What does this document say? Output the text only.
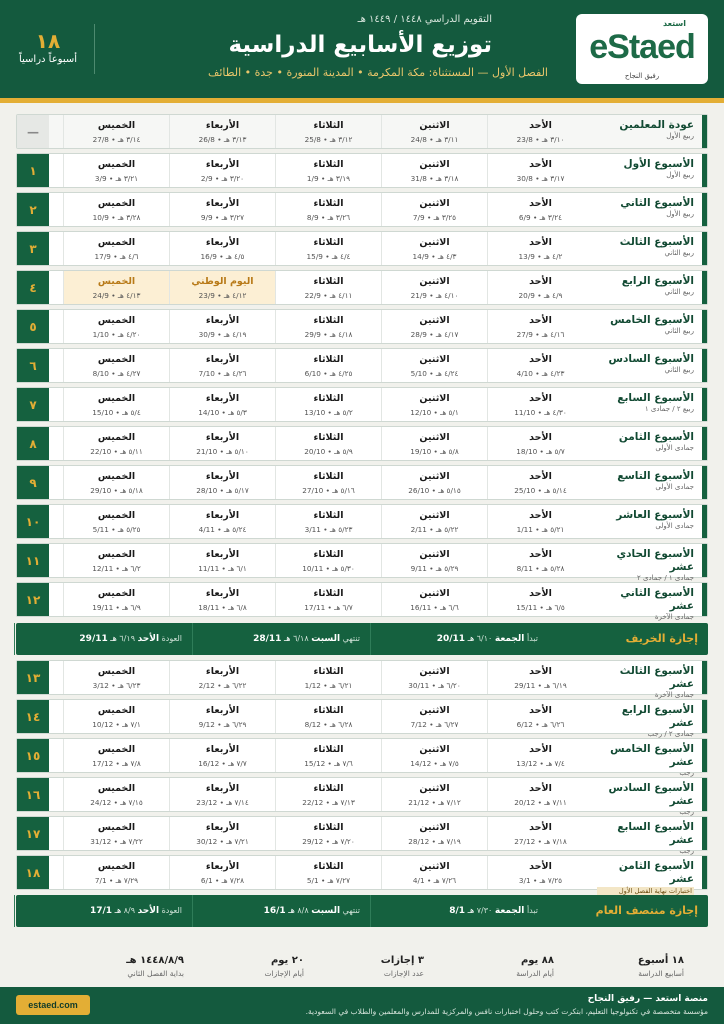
استعد
eStaed
رفيق النجاح
التقويم الدراسي ١٤٤٨ / ١٤٤٩ هـ
توزيع الأسابيع الدراسية
الفصل الأول — المستثناة: مكة المكرمة • المدينة المنورة • جدة • الطائف
١٨
أسبوعاً دراسياً
عودة المعلمين
ربيع الأول
الأحد
٣/١٠ هـ • 23/8
الاثنين
٣/١١ هـ • 24/8
الثلاثاء
٣/١٢ هـ • 25/8
الأربعاء
٣/١٣ هـ • 26/8
الخميس
٣/١٤ هـ • 27/8
—
الأسبوع الأول
ربيع الأول
الأحد
٣/١٧ هـ • 30/8
الاثنين
٣/١٨ هـ • 31/8
الثلاثاء
٣/١٩ هـ • 1/9
الأربعاء
٣/٢٠ هـ • 2/9
الخميس
٣/٢١ هـ • 3/9
١
الأسبوع الثاني
ربيع الأول
الأحد
٣/٢٤ هـ • 6/9
الاثنين
٣/٢٥ هـ • 7/9
الثلاثاء
٣/٢٦ هـ • 8/9
الأربعاء
٣/٢٧ هـ • 9/9
الخميس
٣/٢٨ هـ • 10/9
٢
الأسبوع الثالث
ربيع الثاني
الأحد
٤/٢ هـ • 13/9
الاثنين
٤/٣ هـ • 14/9
الثلاثاء
٤/٤ هـ • 15/9
الأربعاء
٤/٥ هـ • 16/9
الخميس
٤/٦ هـ • 17/9
٣
الأسبوع الرابع
ربيع الثاني
الأحد
٤/٩ هـ • 20/9
الاثنين
٤/١٠ هـ • 21/9
الثلاثاء
٤/١١ هـ • 22/9
اليوم الوطني
٤/١٢ هـ • 23/9
الخميس
٤/١٣ هـ • 24/9
٤
الأسبوع الخامس
ربيع الثاني
الأحد
٤/١٦ هـ • 27/9
الاثنين
٤/١٧ هـ • 28/9
الثلاثاء
٤/١٨ هـ • 29/9
الأربعاء
٤/١٩ هـ • 30/9
الخميس
٤/٢٠ هـ • 1/10
٥
الأسبوع السادس
ربيع الثاني
الأحد
٤/٢٣ هـ • 4/10
الاثنين
٤/٢٤ هـ • 5/10
الثلاثاء
٤/٢٥ هـ • 6/10
الأربعاء
٤/٢٦ هـ • 7/10
الخميس
٤/٢٧ هـ • 8/10
٦
الأسبوع السابع
ربيع ٢ / جمادى ١
الأحد
٤/٣٠ هـ • 11/10
الاثنين
٥/١ هـ • 12/10
الثلاثاء
٥/٢ هـ • 13/10
الأربعاء
٥/٣ هـ • 14/10
الخميس
٥/٤ هـ • 15/10
٧
الأسبوع الثامن
جمادى الأولى
الأحد
٥/٧ هـ • 18/10
الاثنين
٥/٨ هـ • 19/10
الثلاثاء
٥/٩ هـ • 20/10
الأربعاء
٥/١٠ هـ • 21/10
الخميس
٥/١١ هـ • 22/10
٨
الأسبوع التاسع
جمادى الأولى
الأحد
٥/١٤ هـ • 25/10
الاثنين
٥/١٥ هـ • 26/10
الثلاثاء
٥/١٦ هـ • 27/10
الأربعاء
٥/١٧ هـ • 28/10
الخميس
٥/١٨ هـ • 29/10
٩
الأسبوع العاشر
جمادى الأولى
الأحد
٥/٢١ هـ • 1/11
الاثنين
٥/٢٢ هـ • 2/11
الثلاثاء
٥/٢٣ هـ • 3/11
الأربعاء
٥/٢٤ هـ • 4/11
الخميس
٥/٢٥ هـ • 5/11
١٠
الأسبوع الحادي عشر
جمادى ١ / جمادى ٢
الأحد
٥/٢٨ هـ • 8/11
الاثنين
٥/٢٩ هـ • 9/11
الثلاثاء
٥/٣٠ هـ • 10/11
الأربعاء
٦/١ هـ • 11/11
الخميس
٦/٢ هـ • 12/11
١١
الأسبوع الثاني عشر
جمادى الآخرة
الأحد
٦/٥ هـ • 15/11
الاثنين
٦/٦ هـ • 16/11
الثلاثاء
٦/٧ هـ • 17/11
الأربعاء
٦/٨ هـ • 18/11
الخميس
٦/٩ هـ • 19/11
١٢
الأسبوع الثالث عشر
جمادى الآخرة
الأحد
٦/١٩ هـ • 29/11
الاثنين
٦/٢٠ هـ • 30/11
الثلاثاء
٦/٢١ هـ • 1/12
الأربعاء
٦/٢٢ هـ • 2/12
الخميس
٦/٢٣ هـ • 3/12
١٣
الأسبوع الرابع عشر
جمادى ٢ / رجب
الأحد
٦/٢٦ هـ • 6/12
الاثنين
٦/٢٧ هـ • 7/12
الثلاثاء
٦/٢٨ هـ • 8/12
الأربعاء
٦/٢٩ هـ • 9/12
الخميس
٧/١ هـ • 10/12
١٤
الأسبوع الخامس عشر
رجب
الأحد
٧/٤ هـ • 13/12
الاثنين
٧/٥ هـ • 14/12
الثلاثاء
٧/٦ هـ • 15/12
الأربعاء
٧/٧ هـ • 16/12
الخميس
٧/٨ هـ • 17/12
١٥
الأسبوع السادس عشر
رجب
الأحد
٧/١١ هـ • 20/12
الاثنين
٧/١٢ هـ • 21/12
الثلاثاء
٧/١٣ هـ • 22/12
الأربعاء
٧/١٤ هـ • 23/12
الخميس
٧/١٥ هـ • 24/12
١٦
الأسبوع السابع عشر
رجب
الأحد
٧/١٨ هـ • 27/12
الاثنين
٧/١٩ هـ • 28/12
الثلاثاء
٧/٢٠ هـ • 29/12
الأربعاء
٧/٢١ هـ • 30/12
الخميس
٧/٢٢ هـ • 31/12
١٧
الأسبوع الثامن عشر
اختبارات نهاية الفصل الأول
الأحد
٧/٢٥ هـ • 3/1
الاثنين
٧/٢٦ هـ • 4/1
الثلاثاء
٧/٢٧ هـ • 5/1
الأربعاء
٧/٢٨ هـ • 6/1
الخميس
٧/٢٩ هـ • 7/1
١٨
إجازة الخريف
تبدأ الجمعة ٦/١٠ هـ 20/11
تنتهي السبت ٦/١٨ هـ 28/11
العودة الأحد ٦/١٩ هـ 29/11
إجازة منتصف العام
تبدأ الجمعة ٧/٣٠ هـ 8/1
تنتهي السبت ٨/٨ هـ 16/1
العودة الأحد ٨/٩ هـ 17/1
١٨ أسبوع
أسابيع الدراسة
٨٨ يوم
أيام الدراسة
٣ إجازات
عدد الإجازات
٢٠ يوم
أيام الإجازات
١٤٤٨/٨/٩ هـ
بداية الفصل الثاني
منصة استعد — رفيق النجاح
مؤسسة متخصصة في تكنولوجيا التعليم، ابتكرت كتب وحلول اختبارات نافس والمركزية للمدارس والمعلمين والطلاب في السعودية.
estaed.com
